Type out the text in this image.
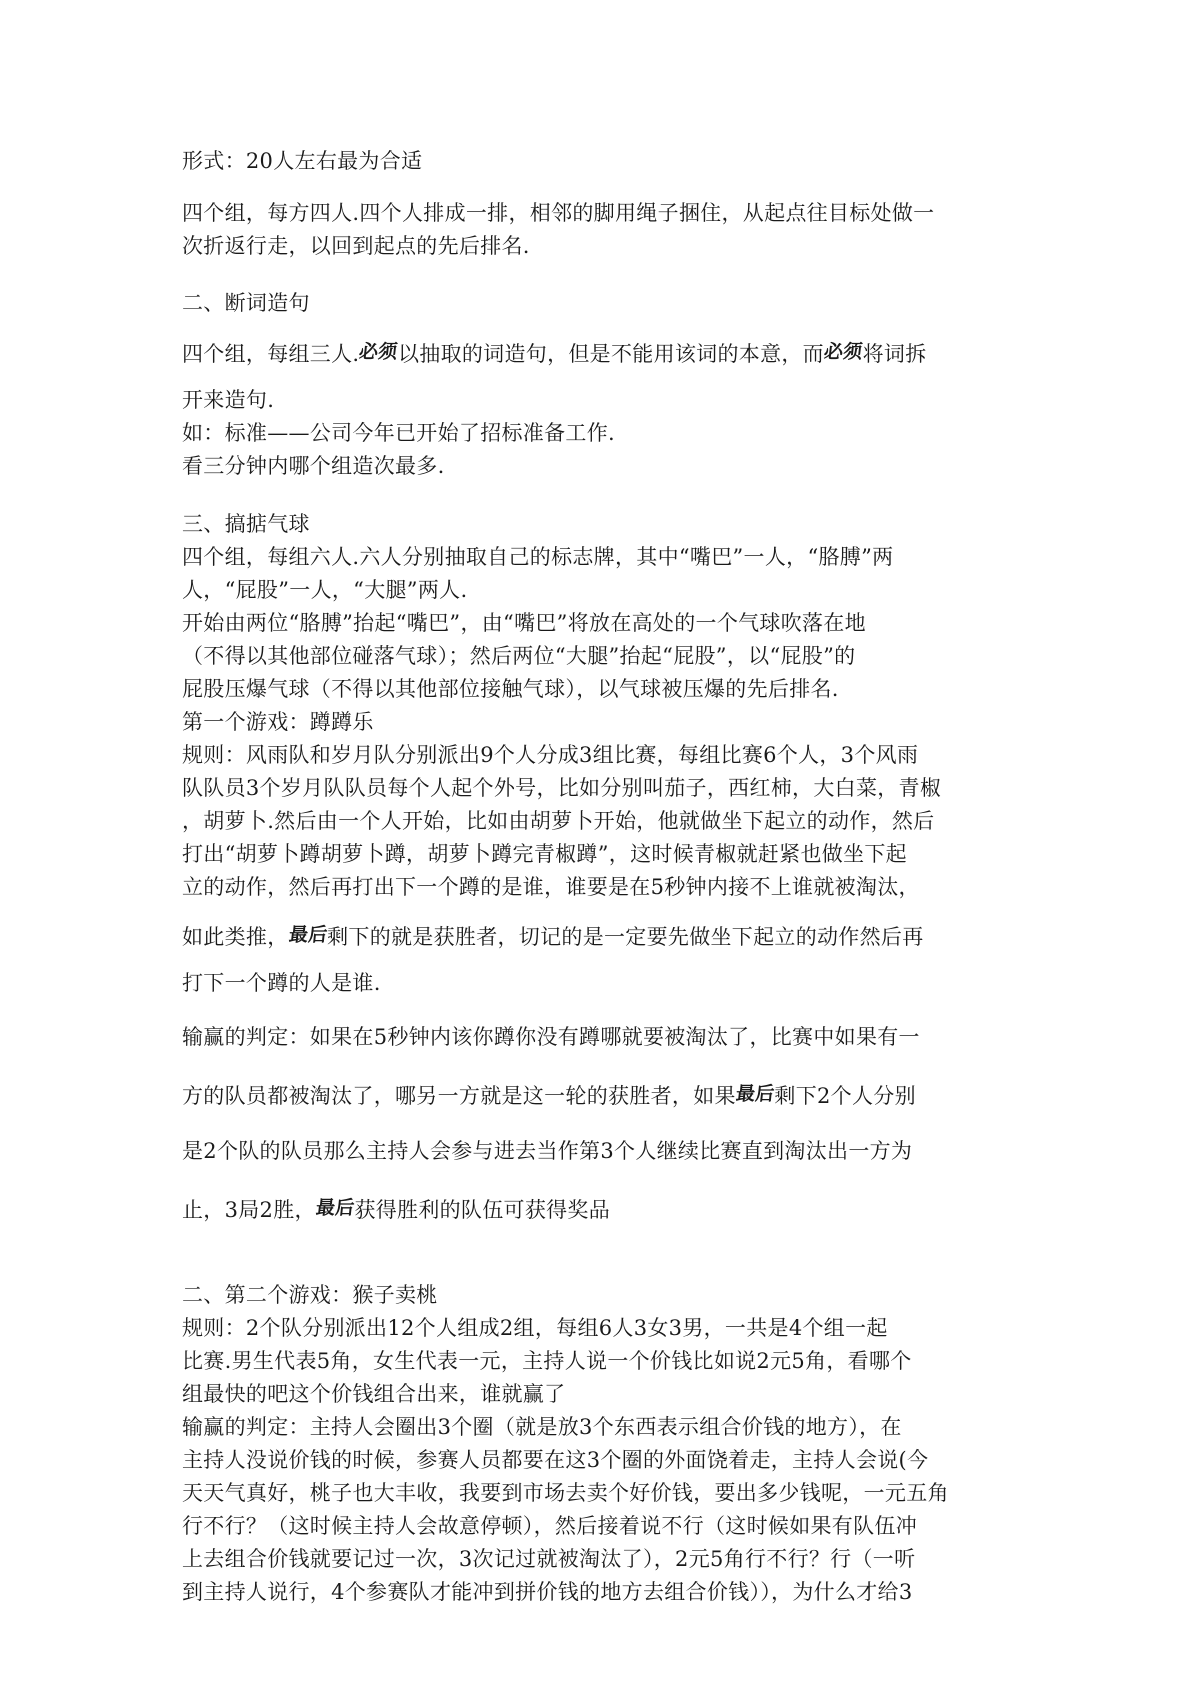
形式：20人左右最为合适
四个组，每方四人.四个人排成一排，相邻的脚用绳子捆住，从起点往目标处做一
次折返行走，以回到起点的先后排名.
二、断词造句
四个组，每组三人.必须以抽取的词造句，但是不能用该词的本意，而必须将词拆
开来造句.
如：标准——公司今年已开始了招标准备工作.
看三分钟内哪个组造次最多.
三、搞掂气球
四个组，每组六人.六人分别抽取自己的标志牌，其中“嘴巴”一人，“胳膊”两
人，“屁股”一人，“大腿”两人.
开始由两位“胳膊”抬起“嘴巴”，由“嘴巴”将放在高处的一个气球吹落在地
（不得以其他部位碰落气球）；然后两位“大腿”抬起“屁股”，以“屁股”的
屁股压爆气球（不得以其他部位接触气球），以气球被压爆的先后排名.
第一个游戏：蹲蹲乐
规则：风雨队和岁月队分别派出9个人分成3组比赛，每组比赛6个人，3个风雨
队队员3个岁月队队员每个人起个外号，比如分别叫茄子，西红柿，大白菜，青椒
，胡萝卜.然后由一个人开始，比如由胡萝卜开始，他就做坐下起立的动作，然后
打出“胡萝卜蹲胡萝卜蹲，胡萝卜蹲完青椒蹲”，这时候青椒就赶紧也做坐下起
立的动作，然后再打出下一个蹲的是谁，谁要是在5秒钟内接不上谁就被淘汰，
如此类推，最后剩下的就是获胜者，切记的是一定要先做坐下起立的动作然后再
打下一个蹲的人是谁.
输赢的判定：如果在5秒钟内该你蹲你没有蹲哪就要被淘汰了，比赛中如果有一
方的队员都被淘汰了，哪另一方就是这一轮的获胜者，如果最后剩下2个人分别
是2个队的队员那么主持人会参与进去当作第3个人继续比赛直到淘汰出一方为
止，3局2胜，最后获得胜利的队伍可获得奖品
二、第二个游戏：猴子卖桃
规则：2个队分别派出12个人组成2组，每组6人3女3男，一共是4个组一起
比赛.男生代表5角，女生代表一元，主持人说一个价钱比如说2元5角，看哪个
组最快的吧这个价钱组合出来，谁就赢了
输赢的判定：主持人会圈出3个圈（就是放3个东西表示组合价钱的地方），在
主持人没说价钱的时候，参赛人员都要在这3个圈的外面饶着走，主持人会说(今
天天气真好，桃子也大丰收，我要到市场去卖个好价钱，要出多少钱呢，一元五角
行不行？（这时候主持人会故意停顿），然后接着说不行（这时候如果有队伍冲
上去组合价钱就要记过一次，3次记过就被淘汰了），2元5角行不行？行（一听
到主持人说行，4个参赛队才能冲到拼价钱的地方去组合价钱）），为什么才给3
